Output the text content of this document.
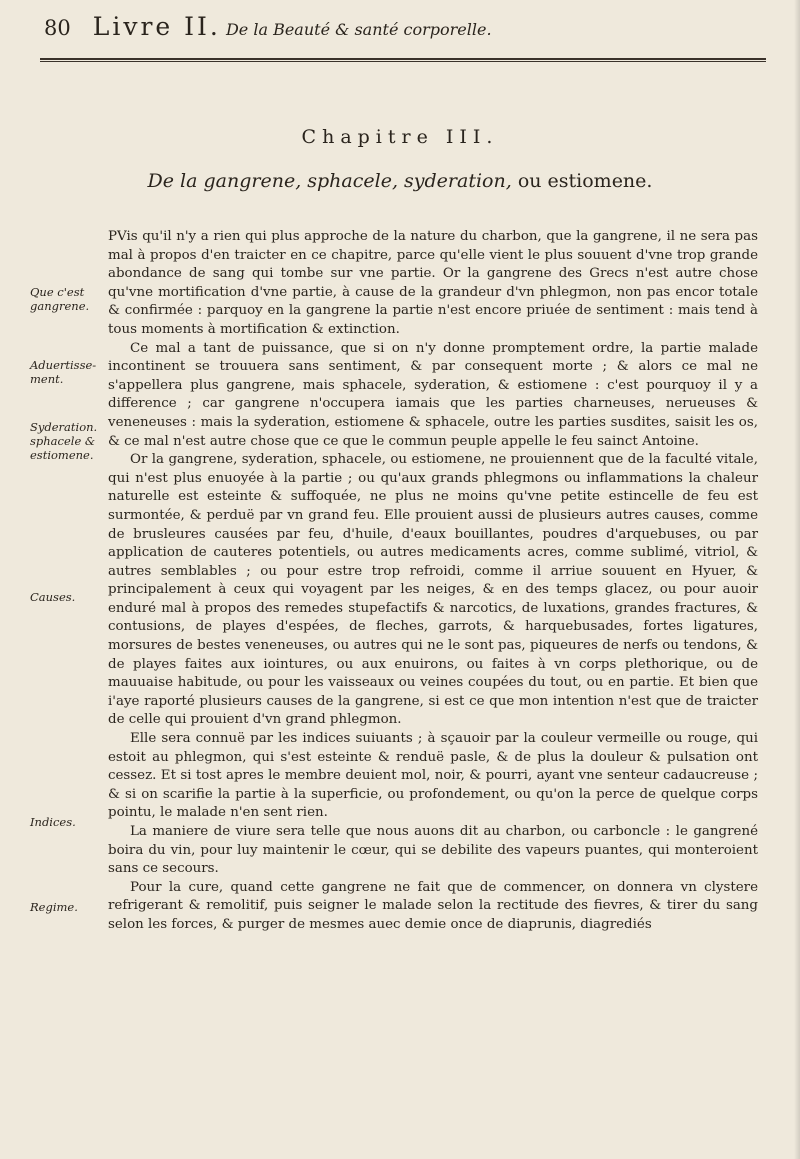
80 Livre II.
De la Beauté & santé corporelle.
Chapitre III.
De la gangrene, sphacele, syderation, ou estiomene.
Que c'est gangrene.
Aduertisse-ment.
Syderation. sphacele & estiomene.
Causes.
Indices.
Regime.

PVis qu'il n'y a rien qui plus approche de la nature du charbon, que la gangrene, il ne sera pas mal à propos d'en traicter en ce chapitre, parce qu'elle vient le plus souuent d'vne trop grande abondance de sang qui tombe sur vne partie. Or la gangrene des Grecs n'est autre chose qu'vne mortification d'vne partie, à cause de la grandeur d'vn phlegmon, non pas encor totale & confirmée : parquoy en la gangrene la partie n'est encore priuée de sentiment : mais tend à tous moments à mortification & extinction.

Ce mal a tant de puissance, que si on n'y donne promptement ordre, la partie malade incontinent se trouuera sans sentiment, & par consequent morte ; & alors ce mal ne s'appellera plus gangrene, mais sphacele, syderation, & estiomene : c'est pourquoy il y a difference ; car gangrene n'occupera iamais que les parties charneuses, nerueuses & veneneuses : mais la syderation, estiomene & sphacele, outre les parties susdites, saisit les os, & ce mal n'est autre chose que ce que le commun peuple appelle le feu sainct Antoine.

Or la gangrene, syderation, sphacele, ou estiomene, ne prouiennent que de la faculté vitale, qui n'est plus enuoyée à la partie ; ou qu'aux grands phlegmons ou inflammations la chaleur naturelle est esteinte & suffoquée, ne plus ne moins qu'vne petite estincelle de feu est surmontée, & perduë par vn grand feu. Elle prouient aussi de plusieurs autres causes, comme de brusleures causées par feu, d'huile, d'eaux bouillantes, poudres d'arquebuses, ou par application de cauteres potentiels, ou autres medicaments acres, comme sublimé, vitriol, & autres semblables ; ou pour estre trop refroidi, comme il arriue souuent en Hyuer, & principalement à ceux qui voyagent par les neiges, & en des temps glacez, ou pour auoir enduré mal à propos des remedes stupefactifs & narcotics, de luxations, grandes fractures, & contusions, de playes d'espées, de fleches, garrots, & harquebusades, fortes ligatures, morsures de bestes veneneuses, ou autres qui ne le sont pas, piqueures de nerfs ou tendons, & de playes faites aux iointures, ou aux enuirons, ou faites à vn corps plethorique, ou de mauuaise habitude, ou pour les vaisseaux ou veines coupées du tout, ou en partie. Et bien que i'aye raporté plusieurs causes de la gangrene, si est ce que mon intention n'est que de traicter de celle qui prouient d'vn grand phlegmon.

Elle sera connuë par les indices suiuants ; à sçauoir par la couleur vermeille ou rouge, qui estoit au phlegmon, qui s'est esteinte & renduë pasle, & de plus la douleur & pulsation ont cessez. Et si tost apres le membre deuient mol, noir, & pourri, ayant vne senteur cadaucreuse ; & si on scarifie la partie à la superficie, ou profondement, ou qu'on la perce de quelque corps pointu, le malade n'en sent rien.

La maniere de viure sera telle que nous auons dit au charbon, ou carboncle : le gangrené boira du vin, pour luy maintenir le cœur, qui se debilite des vapeurs puantes, qui monteroient sans ce secours.

Pour la cure, quand cette gangrene ne fait que de commencer, on donnera vn clystere refrigerant & remolitif, puis seigner le malade selon la rectitude des fievres, & tirer du sang selon les forces, & purger de mesmes auec demie once de diaprunis, diagrediés
